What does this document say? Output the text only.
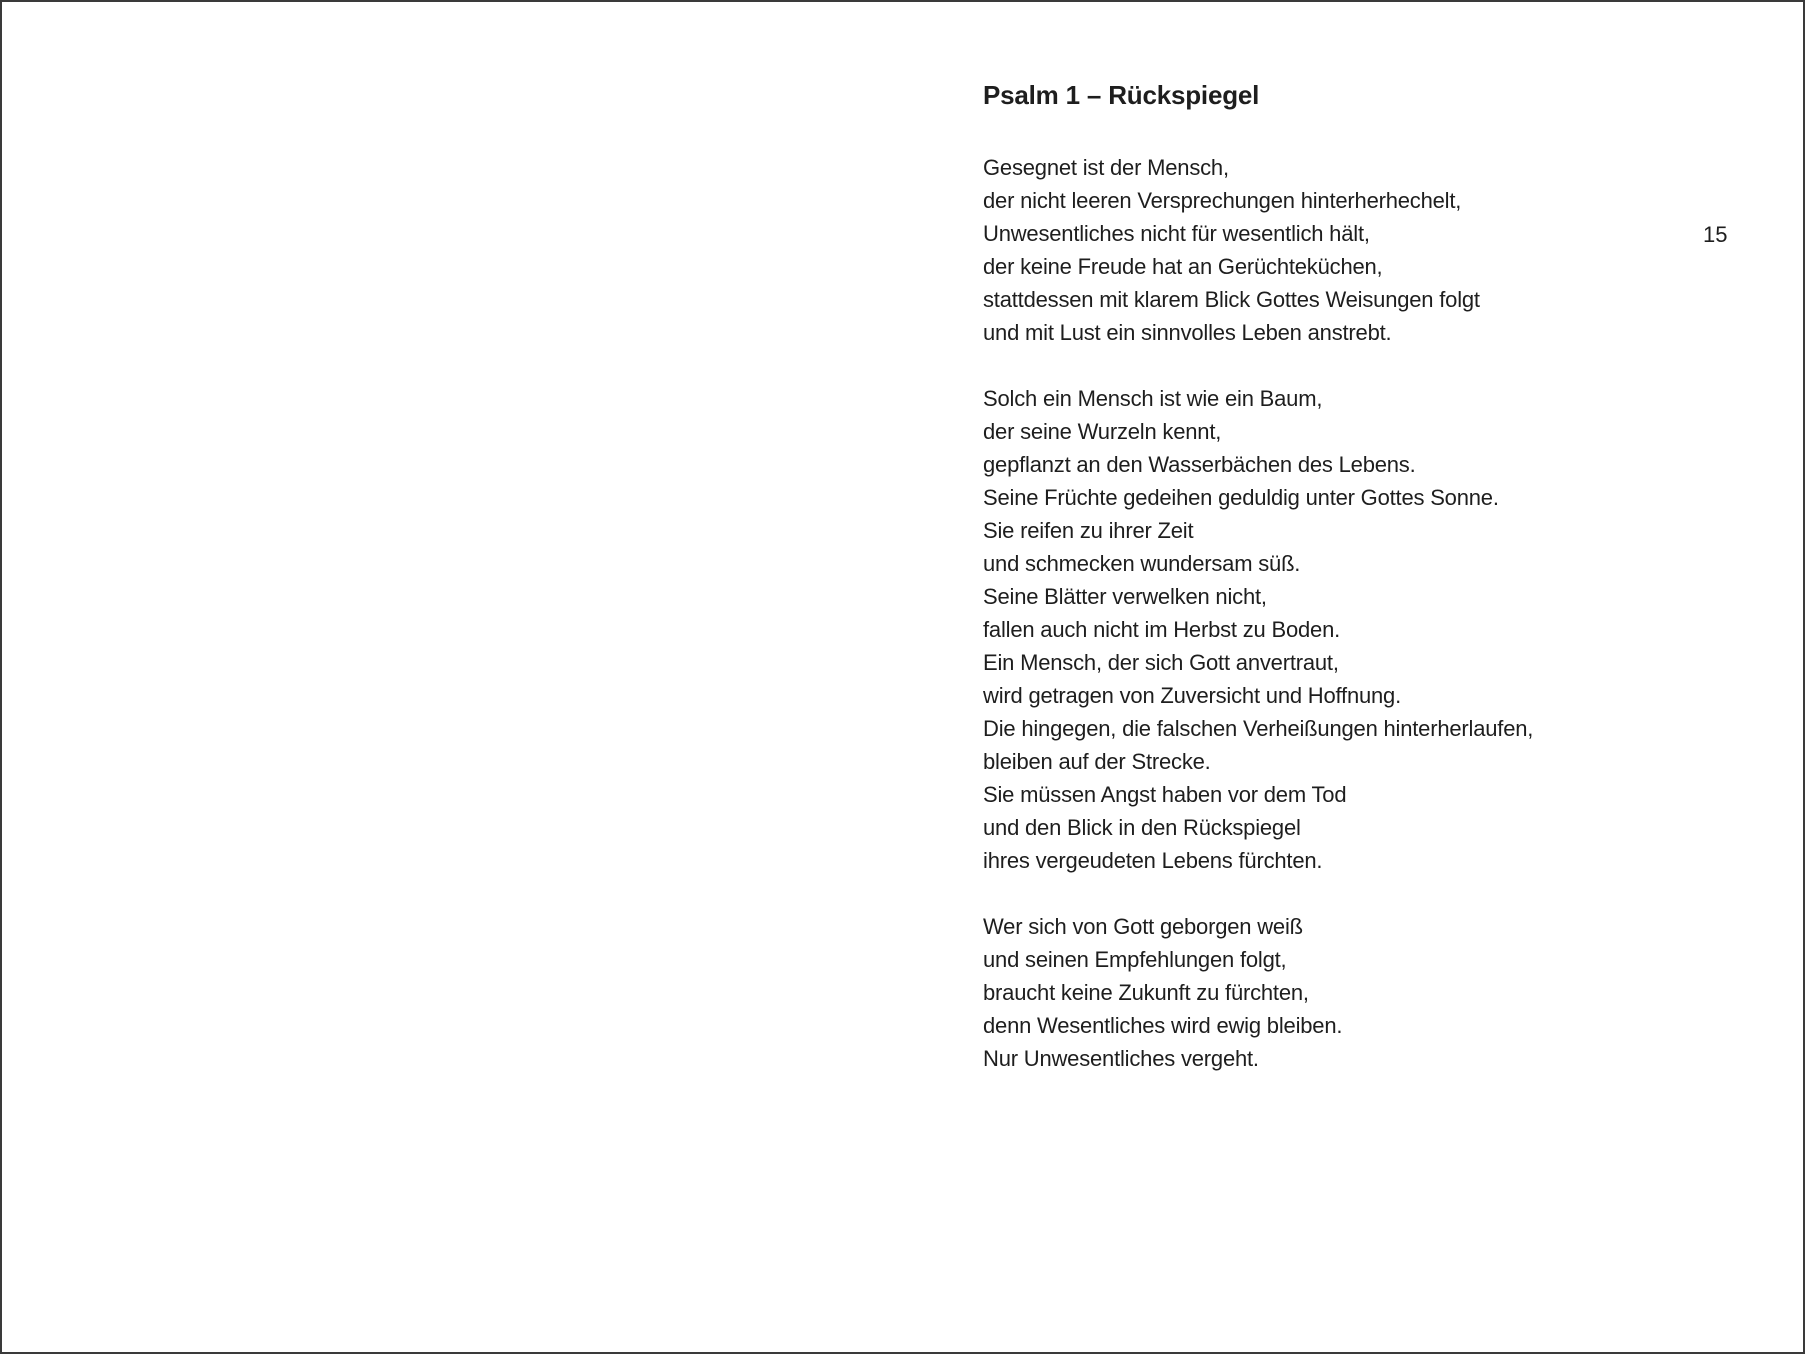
Psalm 1 – Rückspiegel
15
Gesegnet ist der Mensch,
der nicht leeren Versprechungen hinterherhechelt,
Unwesentliches nicht für wesentlich hält,
der keine Freude hat an Gerüchteküchen,
stattdessen mit klarem Blick Gottes Weisungen folgt
und mit Lust ein sinnvolles Leben anstrebt.
Solch ein Mensch ist wie ein Baum,
der seine Wurzeln kennt,
gepflanzt an den Wasserbächen des Lebens.
Seine Früchte gedeihen geduldig unter Gottes Sonne.
Sie reifen zu ihrer Zeit
und schmecken wundersam süß.
Seine Blätter verwelken nicht,
fallen auch nicht im Herbst zu Boden.
Ein Mensch, der sich Gott anvertraut,
wird getragen von Zuversicht und Hoffnung.
Die hingegen, die falschen Verheißungen hinterherlaufen,
bleiben auf der Strecke.
Sie müssen Angst haben vor dem Tod
und den Blick in den Rückspiegel
ihres vergeudeten Lebens fürchten.
Wer sich von Gott geborgen weiß
und seinen Empfehlungen folgt,
braucht keine Zukunft zu fürchten,
denn Wesentliches wird ewig bleiben.
Nur Unwesentliches vergeht.
